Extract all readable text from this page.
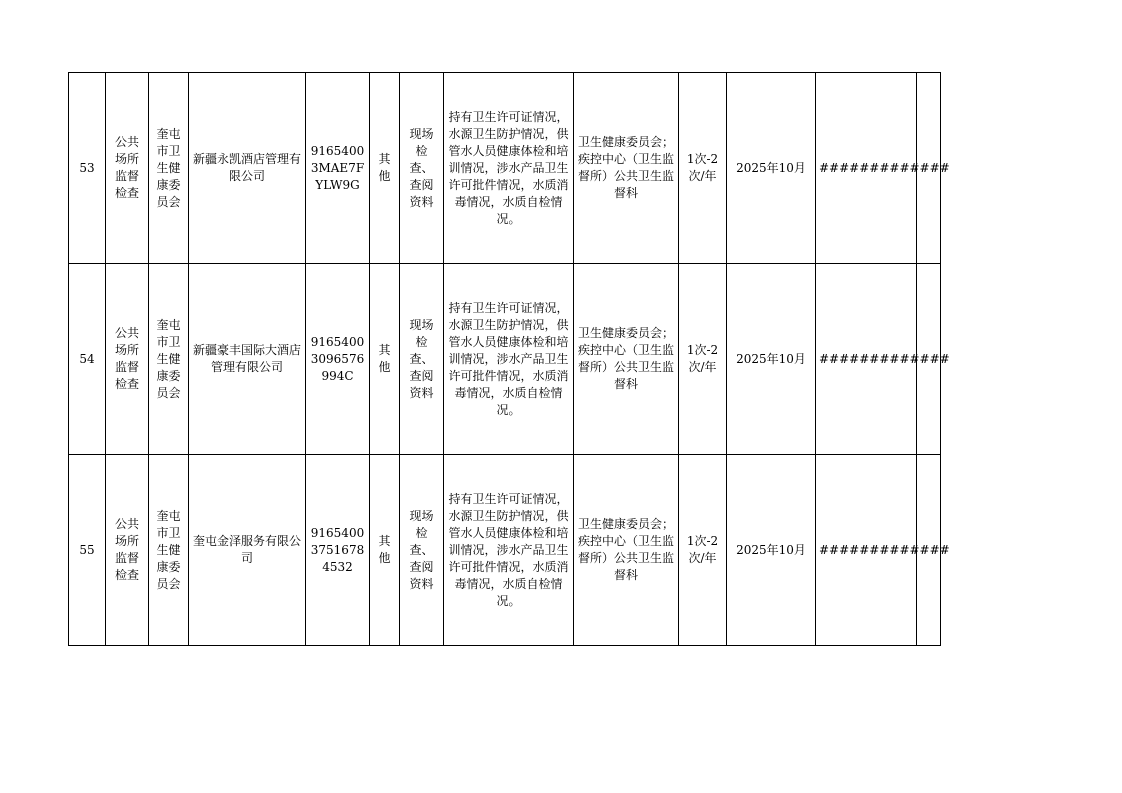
53	公共场所监督检查	奎屯市卫生健康委员会	新疆永凯酒店管理有限公司	91654003MAE7FYLW9G	其他	现场检查、查阅资料	持有卫生许可证情况，水源卫生防护情况，供管水人员健康体检和培训情况，涉水产品卫生许可批件情况，水质消毒情况，水质自检情况。	卫生健康委员会；疾控中心（卫生监督所）公共卫生监督科	1次-2次/年	2025年10月	#############	
54	公共场所监督检查	奎屯市卫生健康委员会	新疆豪丰国际大酒店管理有限公司	916540030965769​94C	其他	现场检查、查阅资料	持有卫生许可证情况，水源卫生防护情况，供管水人员健康体检和培训情况，涉水产品卫生许可批件情况，水质消毒情况，水质自检情况。	卫生健康委员会；疾控中心（卫生监督所）公共卫生监督科	1次-2次/年	2025年10月	#############	
55	公共场所监督检查	奎屯市卫生健康委员会	奎屯金泽服务有限公司	916540037516784532	其他	现场检查、查阅资料	持有卫生许可证情况，水源卫生防护情况，供管水人员健康体检和培训情况，涉水产品卫生许可批件情况，水质消毒情况，水质自检情况。	卫生健康委员会；疾控中心（卫生监督所）公共卫生监督科	1次-2次/年	2025年10月	#############	
